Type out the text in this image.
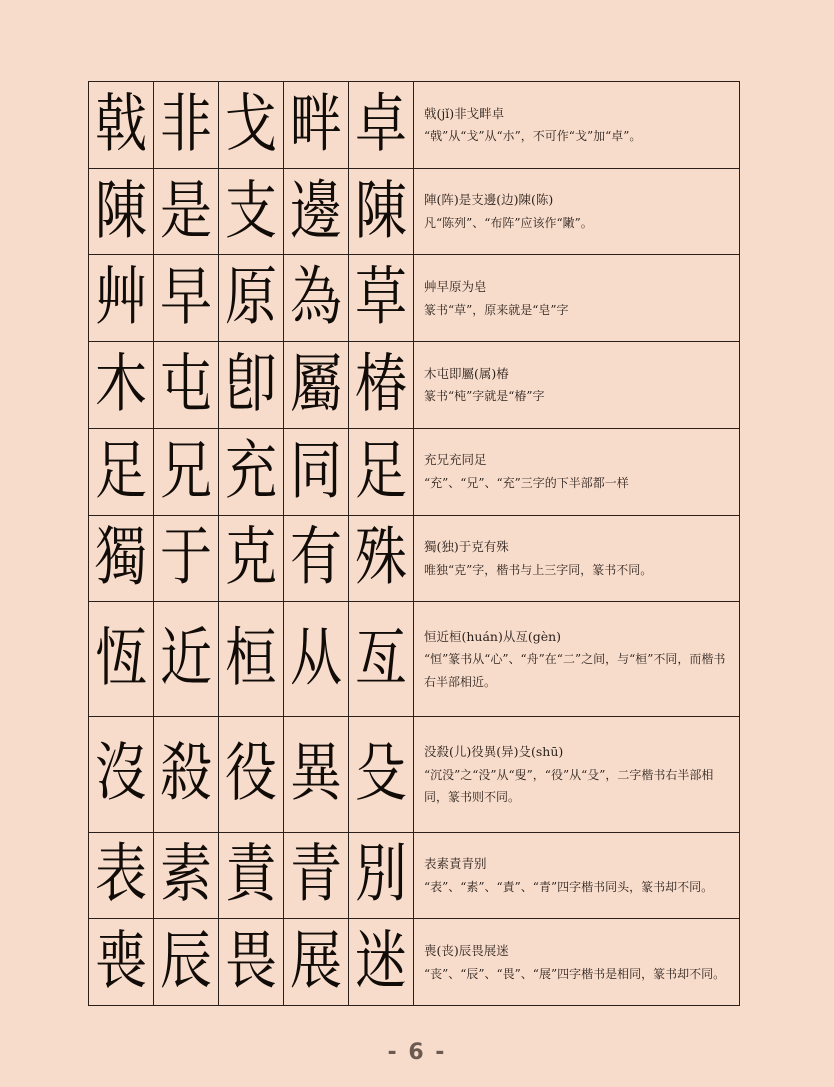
戟	非	戈	畔	卓	戟(jǐ)非戈畔卓
“戟”从“戈”从“朩”，不可作“戈”加“卓”。

陳	是	支	邊	陳	陣(阵)是支邊(边)陳(陈)
凡“陈列”、“布阵”应该作“敶”。

艸	早	原	為	草	艸早原为皂
篆书“草”，原来就是“皂”字

木	屯	卽	屬	椿	木屯即屬(属)椿
篆书“杶”字就是“椿”字

足	兄	充	同	足	充兄充同足
“充”、“兄”、“充”三字的下半部都一样

獨	于	克	有	殊	獨(独)于克有殊
唯独“克”字，楷书与上三字同，篆书不同。

恆	近	桓	从	亙	恒近桓(huán)从亙(gèn)
“恒”篆书从“心”、“舟”在“二”之间，与“桓”不同，而楷书右半部相近。

沒	殺	役	異	殳	没殺(儿)役異(异)殳(shū)
“沉没”之“没”从“叟”，“役”从“殳”，二字楷书右半部相同，篆书则不同。

表	素	責	青	別	表素責青别
“表”、“素”、“責”、“青”四字楷书同头，篆书却不同。

喪	辰	畏	展	迷	喪(丧)辰畏展迷
“丧”、“辰”、“畏”、“展”四字楷书是相同，篆书却不同。
- 6 -
